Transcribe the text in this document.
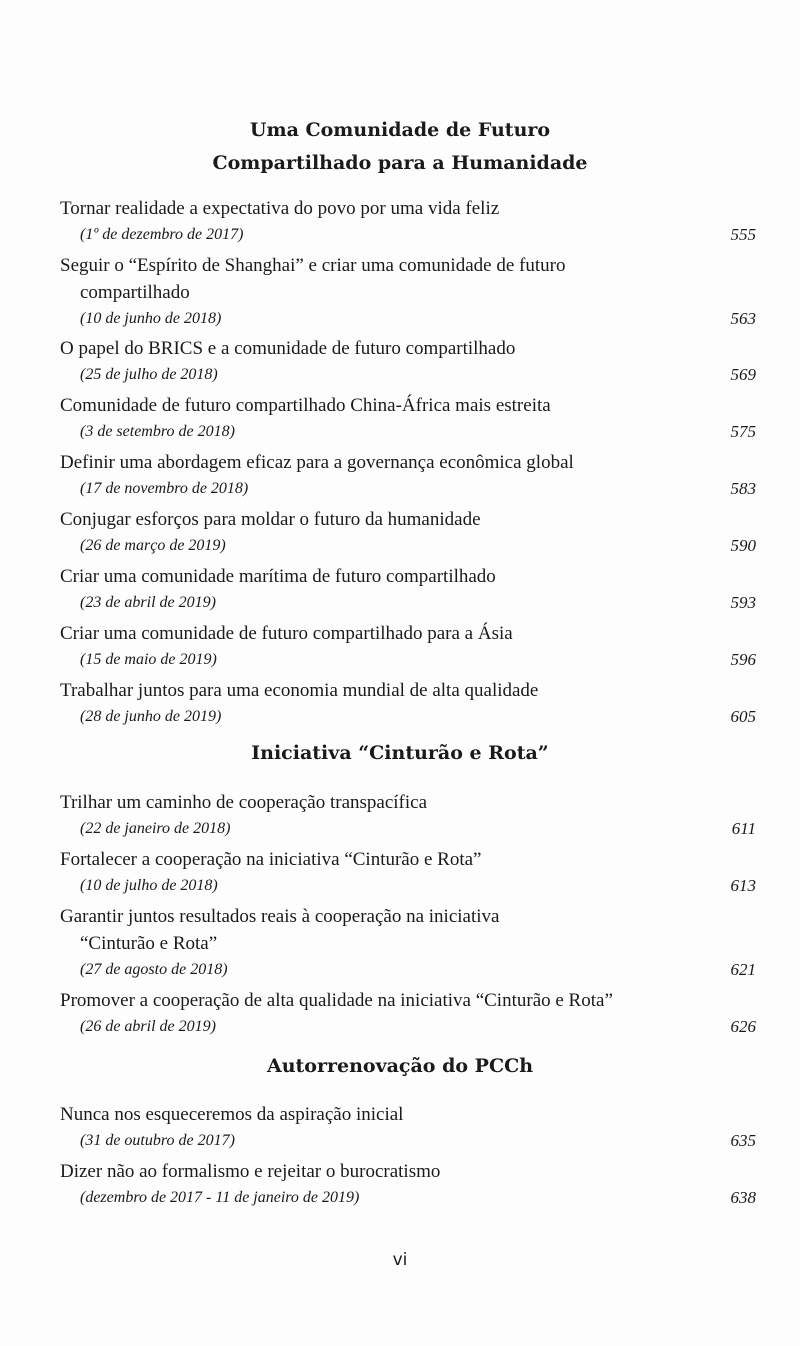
Uma Comunidade de Futuro
Compartilhado para a Humanidade

Tornar realidade a expectativa do povo por uma vida feliz

(1º de dezembro de 2017)	555

Seguir o “Espírito de Shanghai” e criar uma comunidade de futuro
compartilhado

(10 de junho de 2018)	563

O papel do BRICS e a comunidade de futuro compartilhado

(25 de julho de 2018)	569

Comunidade de futuro compartilhado China-África mais estreita

(3 de setembro de 2018)	575

Definir uma abordagem eficaz para a governança econômica global

(17 de novembro de 2018)	583

Conjugar esforços para moldar o futuro da humanidade

(26 de março de 2019)	590

Criar uma comunidade marítima de futuro compartilhado

(23 de abril de 2019)	593

Criar uma comunidade de futuro compartilhado para a Ásia

(15 de maio de 2019)	596

Trabalhar juntos para uma economia mundial de alta qualidade

(28 de junho de 2019)	605
Iniciativa “Cinturão e Rota”

Trilhar um caminho de cooperação transpacífica

(22 de janeiro de 2018)	611

Fortalecer a cooperação na iniciativa “Cinturão e Rota”

(10 de julho de 2018)	613

Garantir juntos resultados reais à cooperação na iniciativa
“Cinturão e Rota”

(27 de agosto de 2018)	621

Promover a cooperação de alta qualidade na iniciativa “Cinturão e Rota”

(26 de abril de 2019)	626
Autorrenovação do PCCh

Nunca nos esqueceremos da aspiração inicial

(31 de outubro de 2017)	635

Dizer não ao formalismo e rejeitar o burocratismo

(dezembro de 2017 - 11 de janeiro de 2019)	638
vi
